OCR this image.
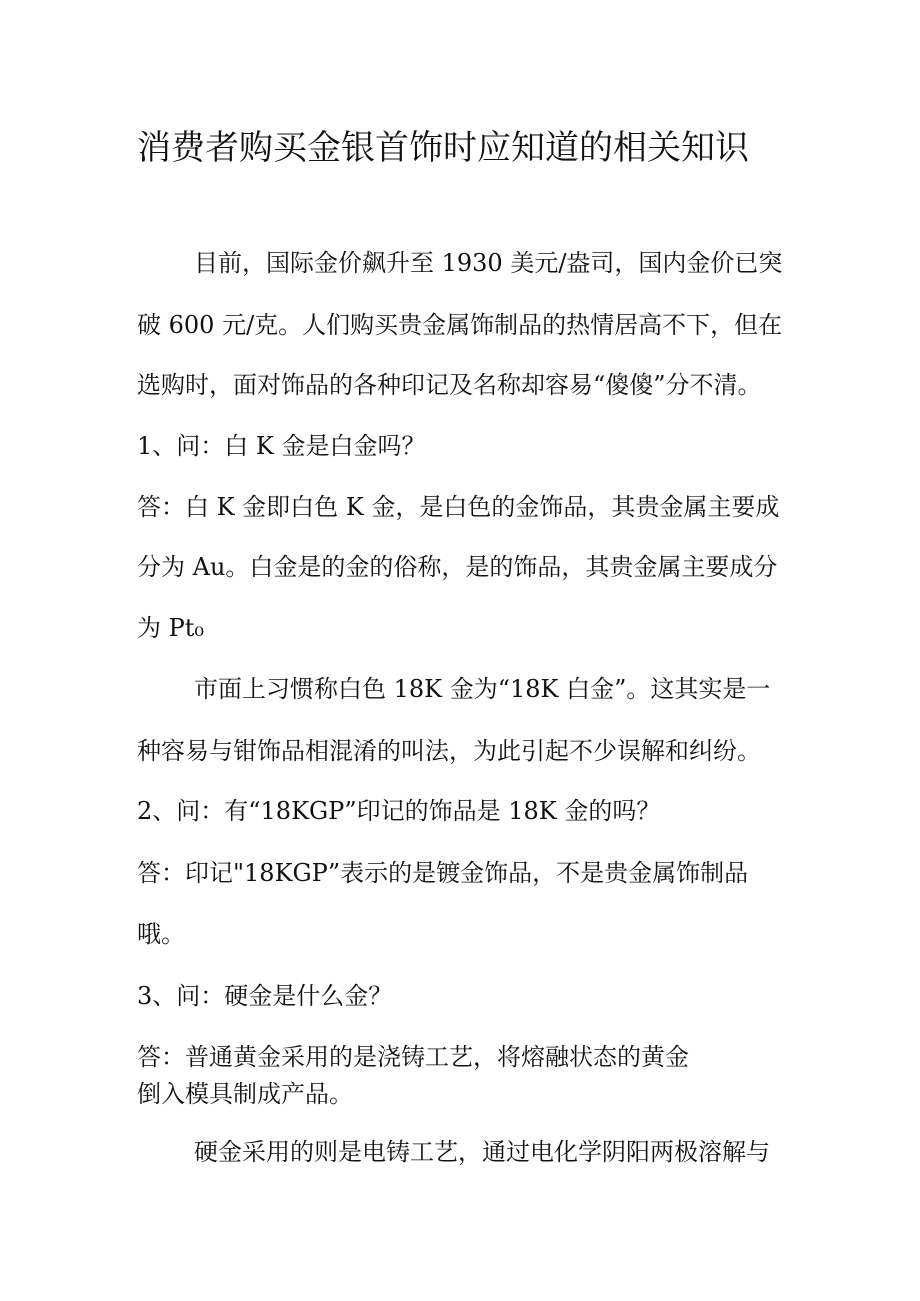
消费者购买金银首饰时应知道的相关知识
目前，国际金价飙升至 1930 美元/盎司，国内金价已突
破 600 元/克。人们购买贵金属饰制品的热情居高不下，但在
选购时，面对饰品的各种印记及名称却容易“傻傻”分不清。
1、问：白 K 金是白金吗？
答：白 K 金即白色 K 金，是白色的金饰品，其贵金属主要成
分为 Au。白金是的金的俗称，是的饰品，其贵金属主要成分
为 Pt₀
市面上习惯称白色 18K 金为“18K 白金”。这其实是一
种容易与钳饰品相混淆的叫法，为此引起不少误解和纠纷。
2、问：有“18KGP”印记的饰品是 18K 金的吗？
答：印记"18KGP”表示的是镀金饰品，不是贵金属饰制品
哦。
3、问：硬金是什么金？
答：普通黄金采用的是浇铸工艺，将熔融状态的黄金
倒入模具制成产品。
硬金采用的则是电铸工艺，通过电化学阴阳两极溶解与
